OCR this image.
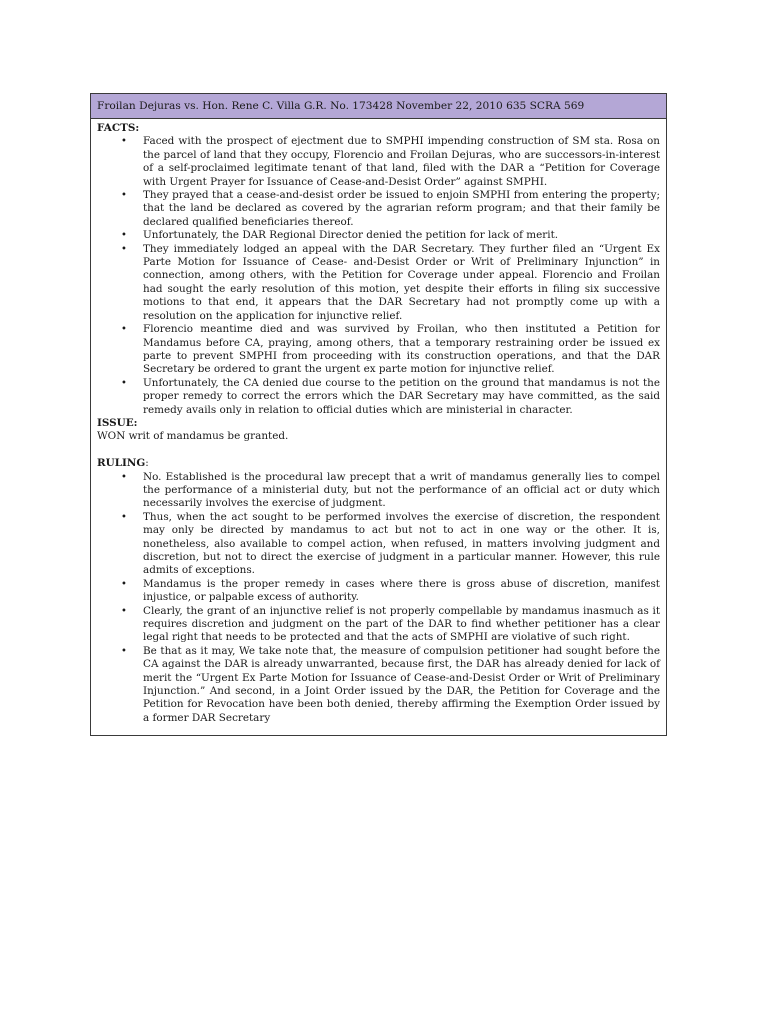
Froilan Dejuras vs. Hon. Rene C. Villa G.R. No. 173428 November 22, 2010 635 SCRA 569
FACTS:
• Faced with the prospect of ejectment due to SMPHI impending construction of SM sta. Rosa on the parcel of land that they occupy, Florencio and Froilan Dejuras, who are successors-in-interest of a self-proclaimed legitimate tenant of that land, filed with the DAR a “Petition for Coverage with Urgent Prayer for Issuance of Cease-and-Desist Order” against SMPHI.
• They prayed that a cease-and-desist order be issued to enjoin SMPHI from entering the property; that the land be declared as covered by the agrarian reform program; and that their family be declared qualified beneficiaries thereof.
• Unfortunately, the DAR Regional Director denied the petition for lack of merit.
• They immediately lodged an appeal with the DAR Secretary. They further filed an “Urgent Ex Parte Motion for Issuance of Cease- and-Desist Order or Writ of Preliminary Injunction” in connection, among others, with the Petition for Coverage under appeal. Florencio and Froilan had sought the early resolution of this motion, yet despite their efforts in filing six successive motions to that end, it appears that the DAR Secretary had not promptly come up with a resolution on the application for injunctive relief.
• Florencio meantime died and was survived by Froilan, who then instituted a Petition for Mandamus before CA, praying, among others, that a temporary restraining order be issued ex parte to prevent SMPHI from proceeding with its construction operations, and that the DAR Secretary be ordered to grant the urgent ex parte motion for injunctive relief.
• Unfortunately, the CA denied due course to the petition on the ground that mandamus is not the proper remedy to correct the errors which the DAR Secretary may have committed, as the said remedy avails only in relation to official duties which are ministerial in character.
ISSUE:
WON writ of mandamus be granted.
RULING:
• No. Established is the procedural law precept that a writ of mandamus generally lies to compel the performance of a ministerial duty, but not the performance of an official act or duty which necessarily involves the exercise of judgment.
• Thus, when the act sought to be performed involves the exercise of discretion, the respondent may only be directed by mandamus to act but not to act in one way or the other. It is, nonetheless, also available to compel action, when refused, in matters involving judgment and discretion, but not to direct the exercise of judgment in a particular manner. However, this rule admits of exceptions.
• Mandamus is the proper remedy in cases where there is gross abuse of discretion, manifest injustice, or palpable excess of authority.
• Clearly, the grant of an injunctive relief is not properly compellable by mandamus inasmuch as it requires discretion and judgment on the part of the DAR to find whether petitioner has a clear legal right that needs to be protected and that the acts of SMPHI are violative of such right.
• Be that as it may, We take note that, the measure of compulsion petitioner had sought before the CA against the DAR is already unwarranted, because first, the DAR has already denied for lack of merit the “Urgent Ex Parte Motion for Issuance of Cease-and-Desist Order or Writ of Preliminary Injunction.” And second, in a Joint Order issued by the DAR, the Petition for Coverage and the Petition for Revocation have been both denied, thereby affirming the Exemption Order issued by a former DAR Secretary
